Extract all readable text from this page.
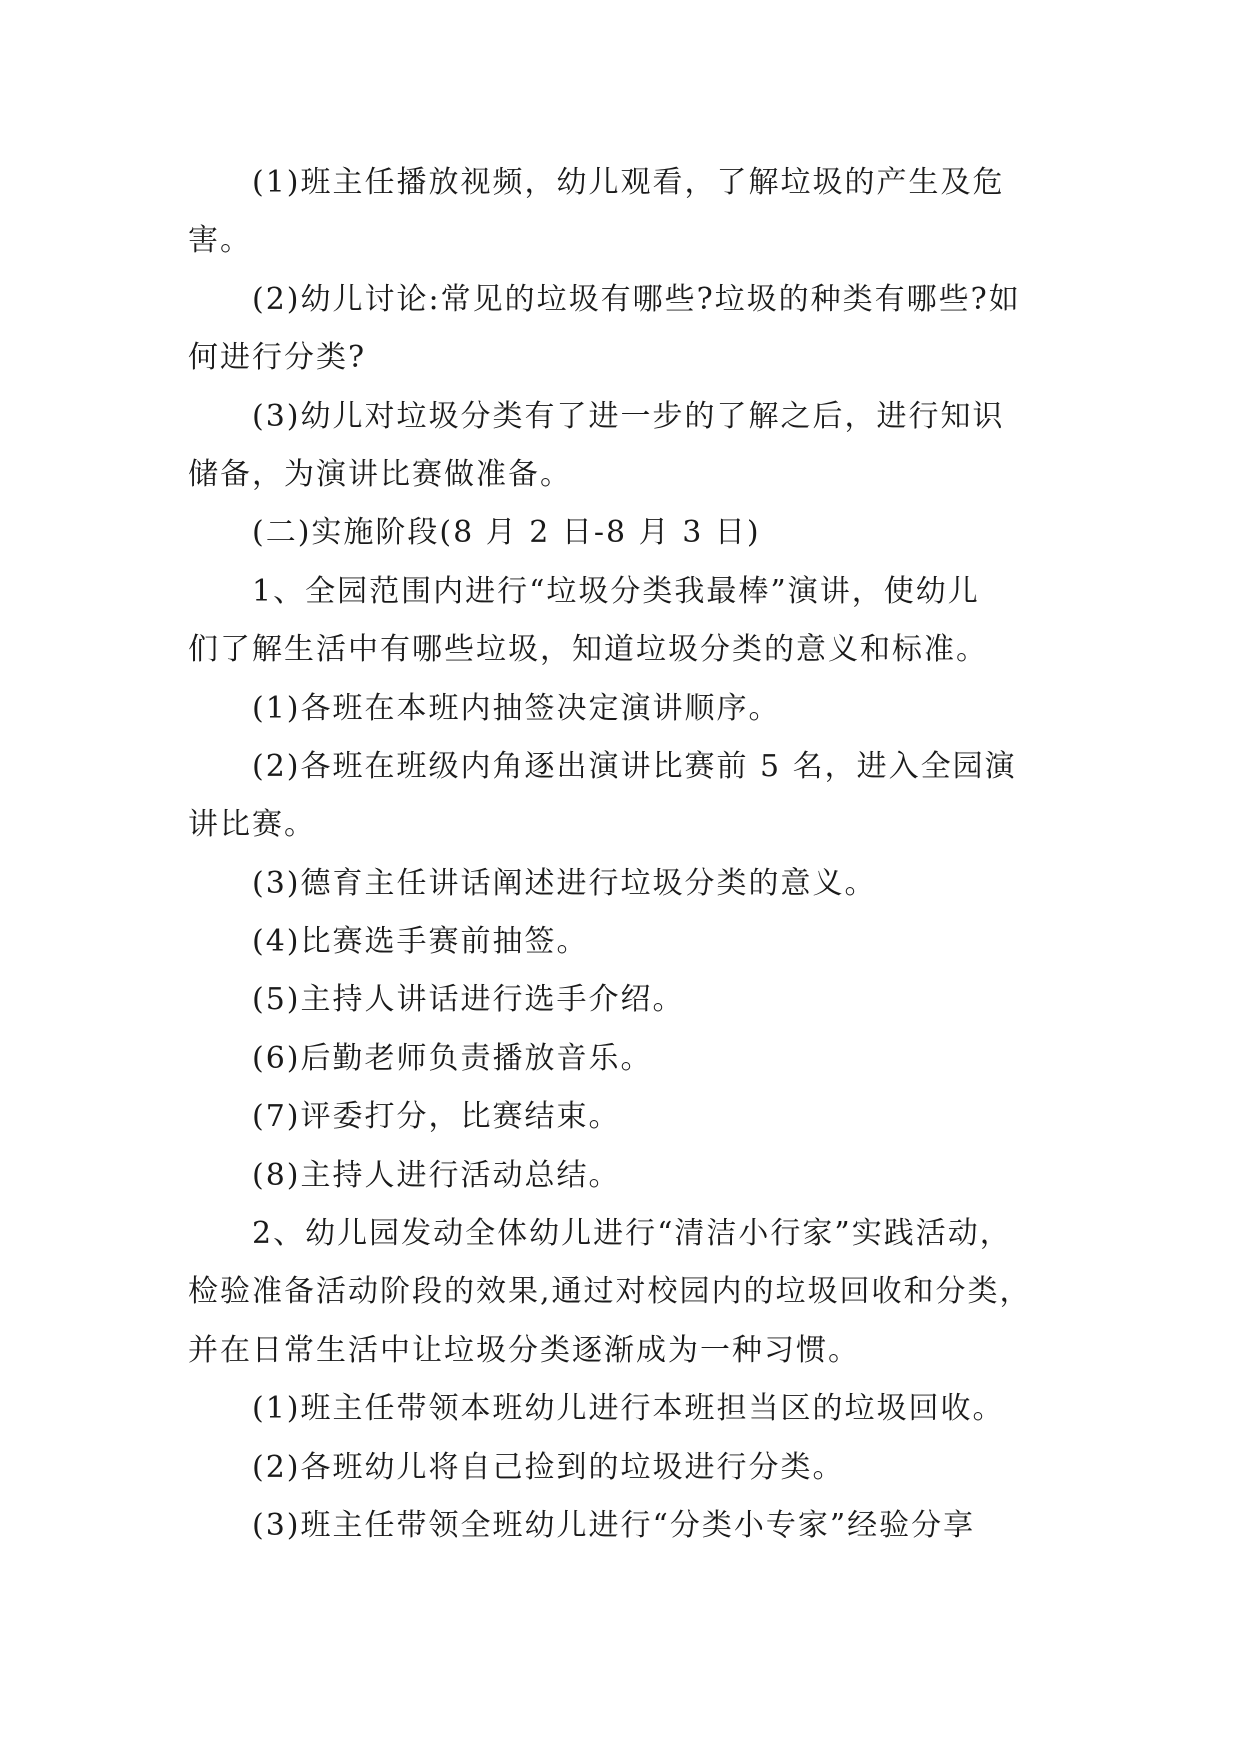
(1)班主任播放视频，幼儿观看，了解垃圾的产生及危
害。
(2)幼儿讨论:常见的垃圾有哪些?垃圾的种类有哪些?如
何进行分类?
(3)幼儿对垃圾分类有了进一步的了解之后，进行知识
储备，为演讲比赛做准备。
(二)实施阶段(8 月 2 日-8 月 3 日)
1、全园范围内进行“垃圾分类我最棒”演讲，使幼儿
们了解生活中有哪些垃圾，知道垃圾分类的意义和标准。
(1)各班在本班内抽签决定演讲顺序。
(2)各班在班级内角逐出演讲比赛前 5 名，进入全园演
讲比赛。
(3)德育主任讲话阐述进行垃圾分类的意义。
(4)比赛选手赛前抽签。
(5)主持人讲话进行选手介绍。
(6)后勤老师负责播放音乐。
(7)评委打分，比赛结束。
(8)主持人进行活动总结。
2、幼儿园发动全体幼儿进行“清洁小行家”实践活动，
检验准备活动阶段的效果,通过对校园内的垃圾回收和分类，
并在日常生活中让垃圾分类逐渐成为一种习惯。
(1)班主任带领本班幼儿进行本班担当区的垃圾回收。
(2)各班幼儿将自己捡到的垃圾进行分类。
(3)班主任带领全班幼儿进行“分类小专家”经验分享
